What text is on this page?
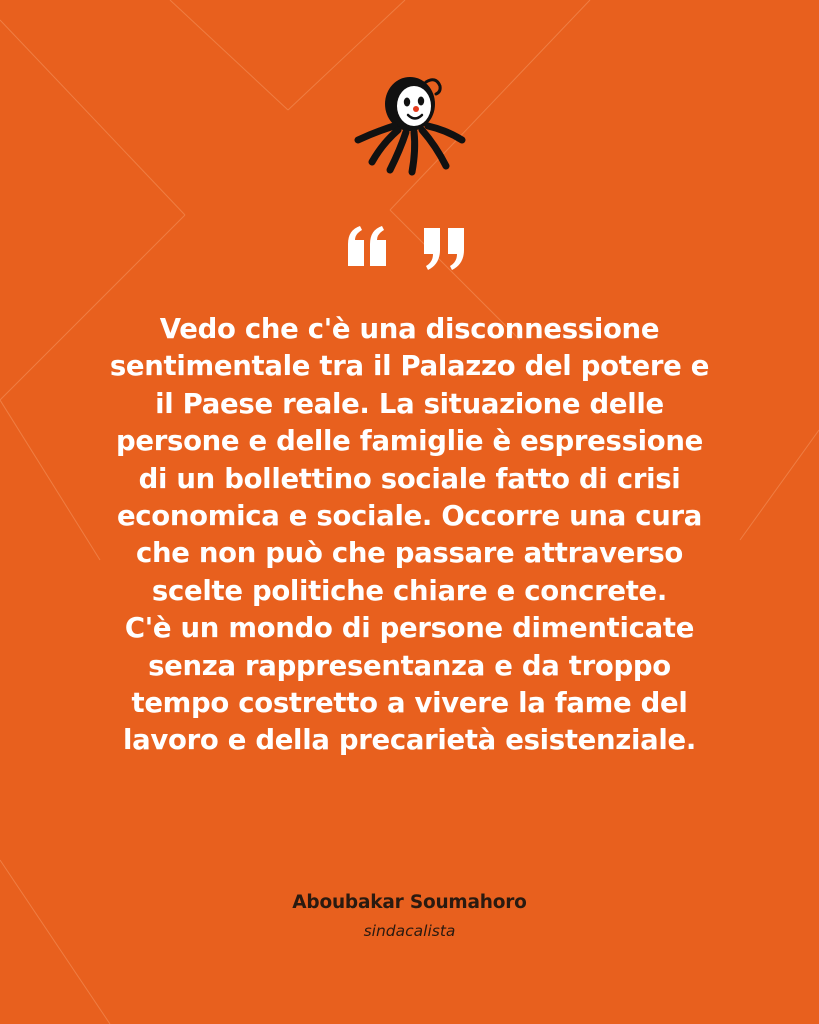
Vedo che c'è una disconnessione
sentimentale tra il Palazzo del potere e
il Paese reale. La situazione delle
persone e delle famiglie è espressione
di un bollettino sociale fatto di crisi
economica e sociale. Occorre una cura
che non può che passare attraverso
scelte politiche chiare e concrete.
C'è un mondo di persone dimenticate
senza rappresentanza e da troppo
tempo costretto a vivere la fame del
lavoro e della precarietà esistenziale.

Aboubakar Soumahoro
sindacalista
